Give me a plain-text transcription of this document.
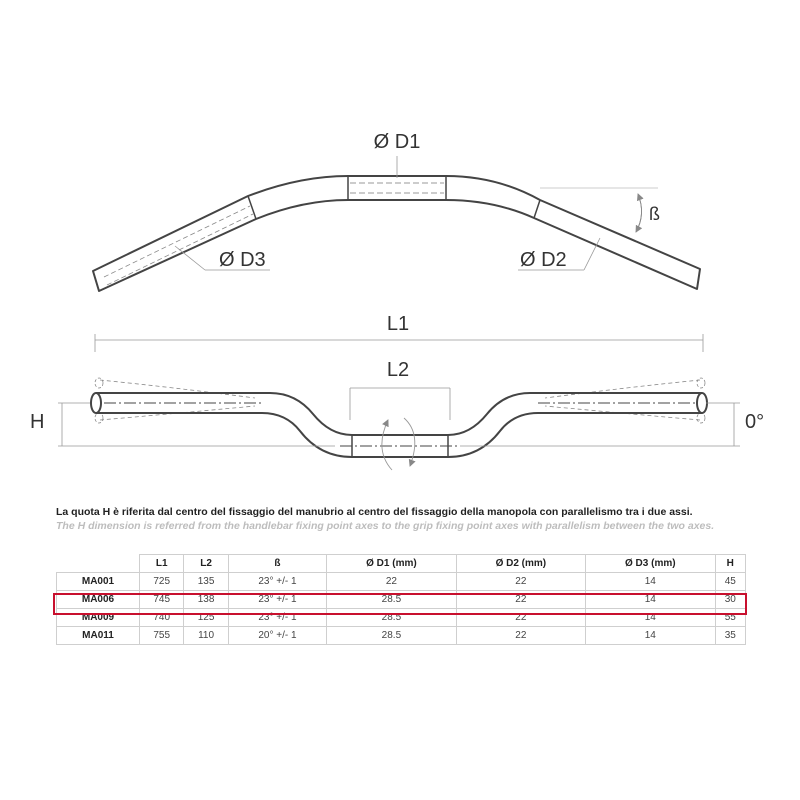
Ø D1
Ø D3	Ø D2
ß
L1
L2
H	0°

La quota H è riferita dal centro del fissaggio del manubrio al centro del fissaggio della manopola con parallelismo tra i due assi.

The H dimension is referred from the handlebar fixing point axes to the grip fixing point axes with parallelism between the two axes.

	L1	L2	ß	Ø D1 (mm)	Ø D2 (mm)	Ø D3 (mm)	H
MA001	725	135	23° +/- 1	22	22	14	45
MA006	745	138	23° +/- 1	28.5	22	14	30
MA009	740	125	23° +/- 1	28.5	22	14	55
MA011	755	110	20° +/- 1	28.5	22	14	35
